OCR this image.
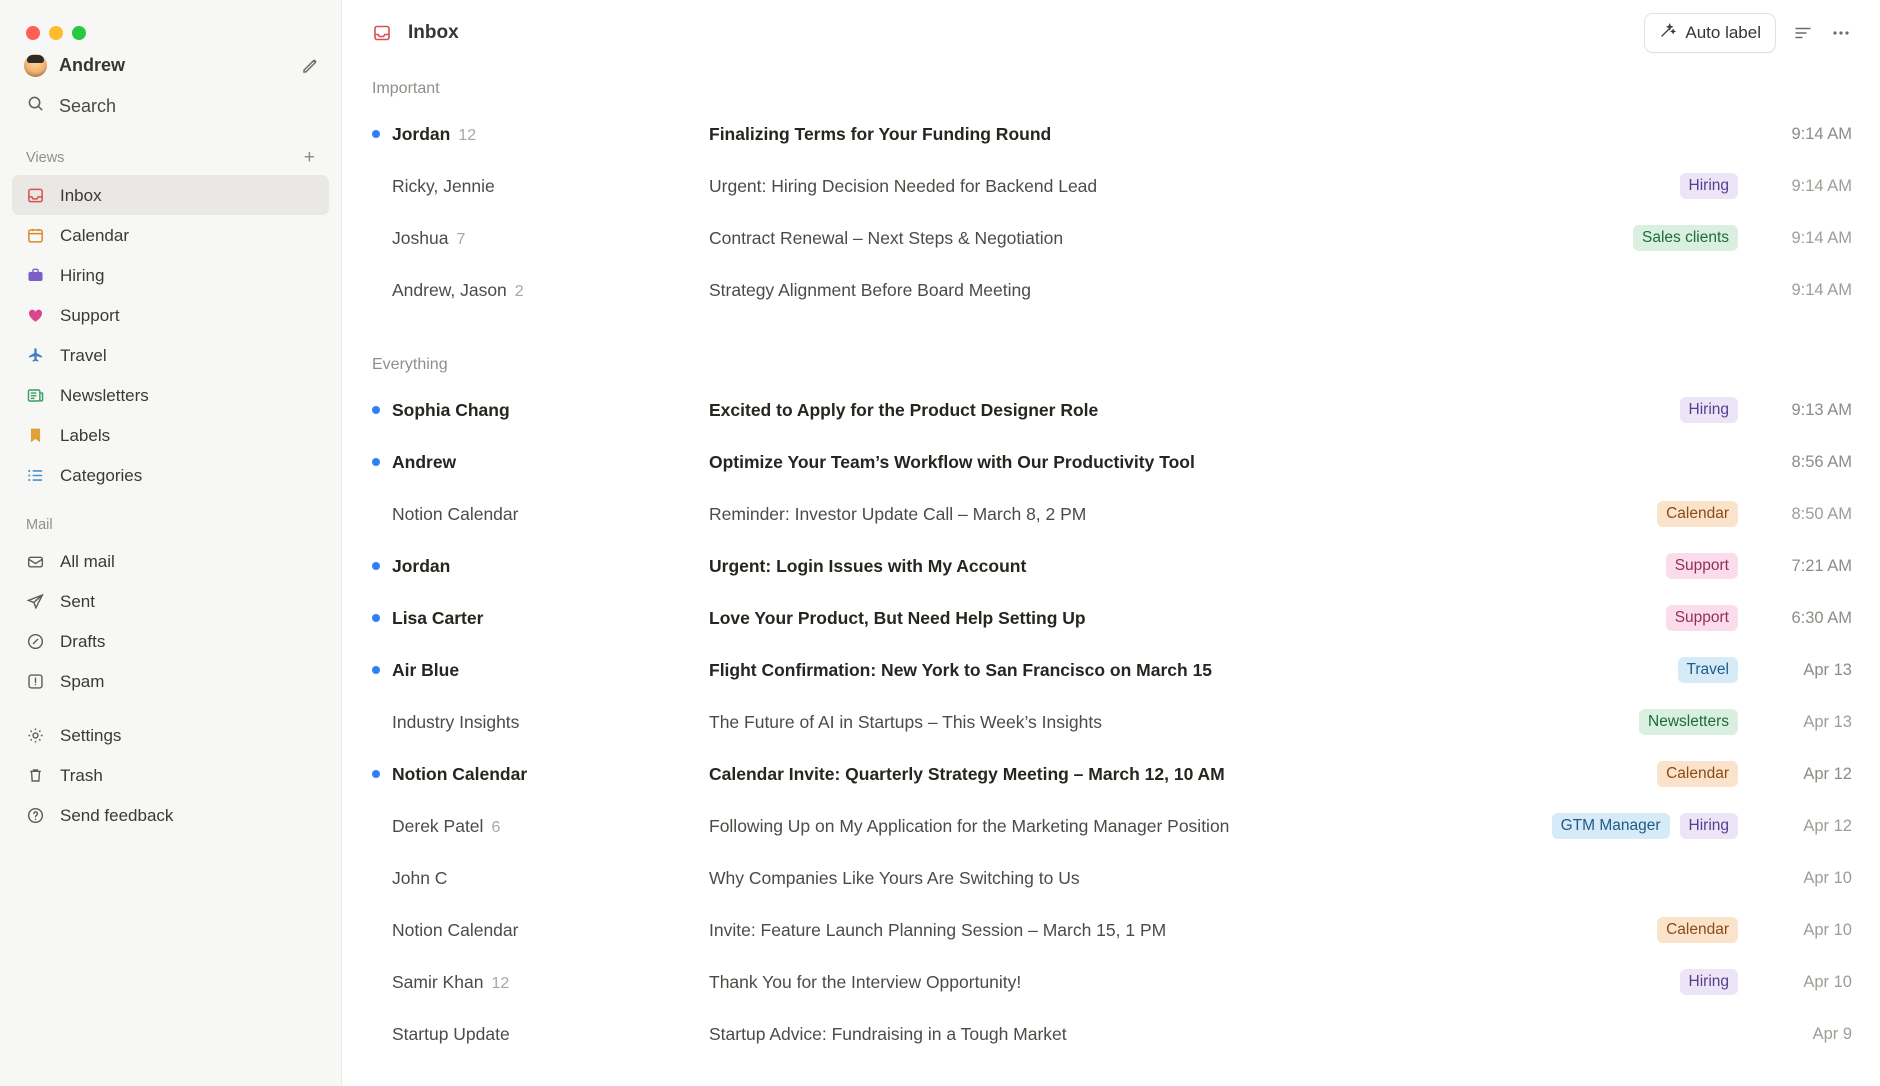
Andrew
Search
Views	+
Inbox
Calendar
Hiring
Support
Travel
Newsletters
Labels
Categories
Mail
All mail
Sent
Drafts
Spam
Settings
Trash
Send feedback
Inbox	Auto label
Important
Jordan 12	Finalizing Terms for Your Funding Round	9:14 AM
Ricky, Jennie	Urgent: Hiring Decision Needed for Backend Lead	Hiring	9:14 AM
Joshua 7	Contract Renewal – Next Steps & Negotiation	Sales clients	9:14 AM
Andrew, Jason 2	Strategy Alignment Before Board Meeting	9:14 AM
Everything
Sophia Chang	Excited to Apply for the Product Designer Role	Hiring	9:13 AM
Andrew	Optimize Your Team’s Workflow with Our Productivity Tool	8:56 AM
Notion Calendar	Reminder: Investor Update Call – March 8, 2 PM	Calendar	8:50 AM
Jordan	Urgent: Login Issues with My Account	Support	7:21 AM
Lisa Carter	Love Your Product, But Need Help Setting Up	Support	6:30 AM
Air Blue	Flight Confirmation: New York to San Francisco on March 15	Travel	Apr 13
Industry Insights	The Future of AI in Startups – This Week’s Insights	Newsletters	Apr 13
Notion Calendar	Calendar Invite: Quarterly Strategy Meeting – March 12, 10 AM	Calendar	Apr 12
Derek Patel 6	Following Up on My Application for the Marketing Manager Position	GTM Manager	Hiring	Apr 12
John C	Why Companies Like Yours Are Switching to Us	Apr 10
Notion Calendar	Invite: Feature Launch Planning Session – March 15, 1 PM	Calendar	Apr 10
Samir Khan 12	Thank You for the Interview Opportunity!	Hiring	Apr 10
Startup Update	Startup Advice: Fundraising in a Tough Market	Apr 9
